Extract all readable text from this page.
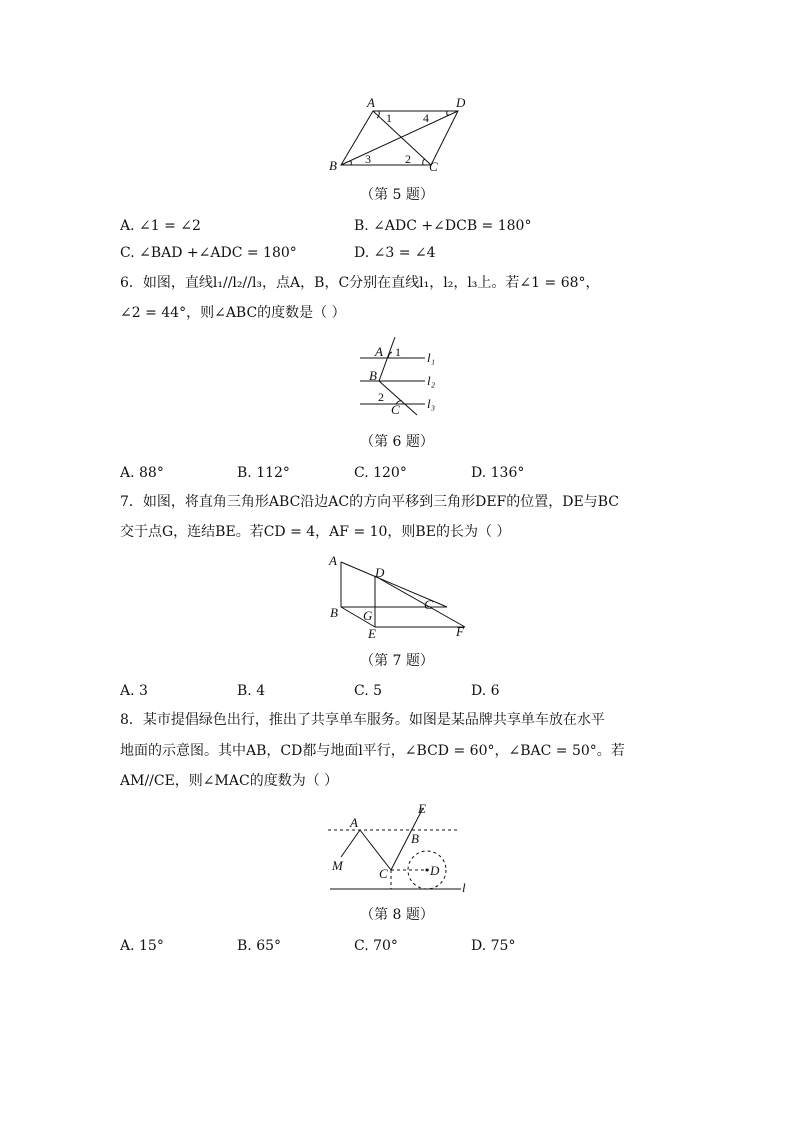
A	D
B	C
1	4
3	2
（第 5 题）
A. ∠1 = ∠2	B. ∠ADC +∠DCB = 180°
C. ∠BAD +∠ADC = 180°	D. ∠3 = ∠4
6．如图，直线l₁//l₂//l₃，点A，B，C分别在直线l₁，l₂，l₃上。若∠1 = 68°，
∠2 = 44°，则∠ABC的度数是（ ）
A 1
B
2
C
l₁
l₂
l₃
（第 6 题）
A. 88°	B. 112°	C. 120°	D. 136°
7．如图，将直角三角形ABC沿边AC的方向平移到三角形DEF的位置，DE与BC
交于点G，连结BE。若CD = 4，AF = 10，则BE的长为（ ）
A
D
B G
C
E	F
（第 7 题）
A. 3	B. 4	C. 5	D. 6
8．某市提倡绿色出行，推出了共享单车服务。如图是某品牌共享单车放在水平
地面的示意图。其中AB，CD都与地面l平行，∠BCD = 60°，∠BAC = 50°。若
AM//CE，则∠MAC的度数为（ ）
A
E
B
M
C	D
l
（第 8 题）
A. 15°	B. 65°	C. 70°	D. 75°
